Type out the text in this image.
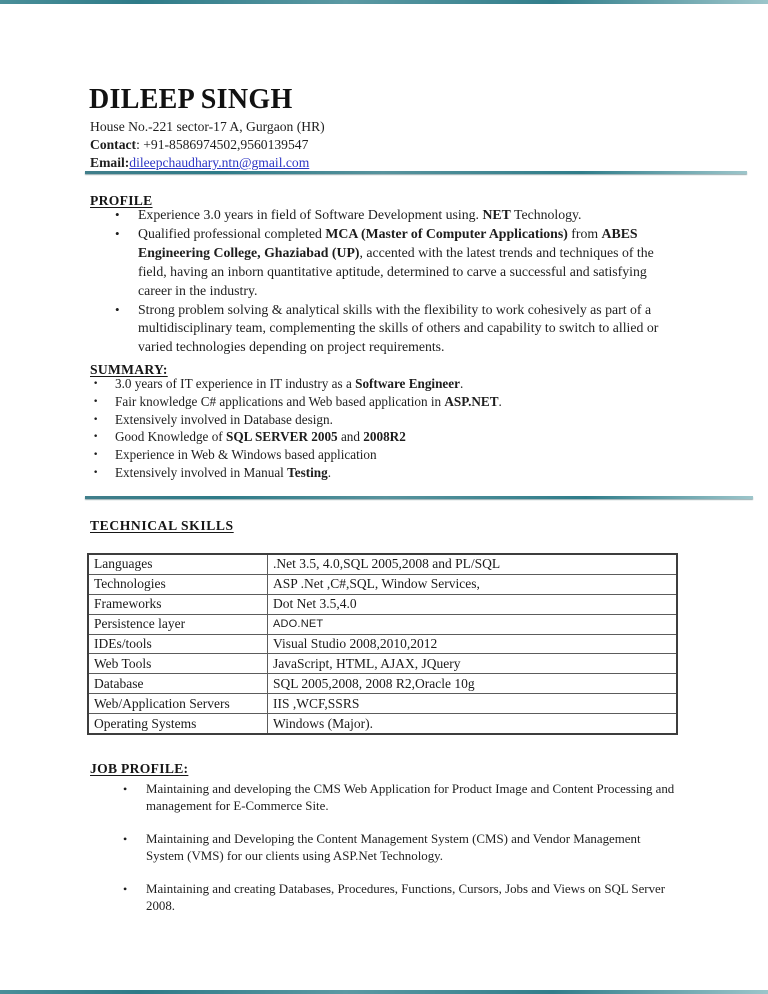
DILEEP SINGH
House No.-221 sector-17 A, Gurgaon (HR)
Contact: +91-8586974502,9560139547
Email:dileepchaudhary.ntn@gmail.com
PROFILE
• Experience 3.0 years in field of Software Development using. NET Technology.
• Qualified professional completed MCA (Master of Computer Applications) from ABES Engineering College, Ghaziabad (UP), accented with the latest trends and techniques of the field, having an inborn quantitative aptitude, determined to carve a successful and satisfying career in the industry.
• Strong problem solving & analytical skills with the flexibility to work cohesively as part of a multidisciplinary team, complementing the skills of others and capability to switch to allied or varied technologies depending on project requirements.
SUMMARY:
· 3.0 years of IT experience in IT industry as a Software Engineer.
· Fair knowledge C# applications and Web based application in ASP.NET.
· Extensively involved in Database design.
· Good Knowledge of SQL SERVER 2005 and 2008R2
· Experience in Web & Windows based application
· Extensively involved in Manual Testing.
TECHNICAL SKILLS
Languages	.Net 3.5, 4.0,SQL 2005,2008 and PL/SQL
Technologies	ASP .Net ,C#,SQL, Window Services,
Frameworks	Dot Net 3.5,4.0
Persistence layer	ADO.NET
IDEs/tools	Visual Studio 2008,2010,2012
Web Tools	JavaScript, HTML, AJAX, JQuery
Database	SQL 2005,2008, 2008 R2,Oracle 10g
Web/Application Servers	IIS ,WCF,SSRS
Operating Systems	Windows (Major).
JOB PROFILE:
• Maintaining and developing the CMS Web Application for Product Image and Content Processing and management for E-Commerce Site.
• Maintaining and Developing the Content Management System (CMS) and Vendor Management System (VMS) for our clients using ASP.Net Technology.
• Maintaining and creating Databases, Procedures, Functions, Cursors, Jobs and Views on SQL Server 2008.
